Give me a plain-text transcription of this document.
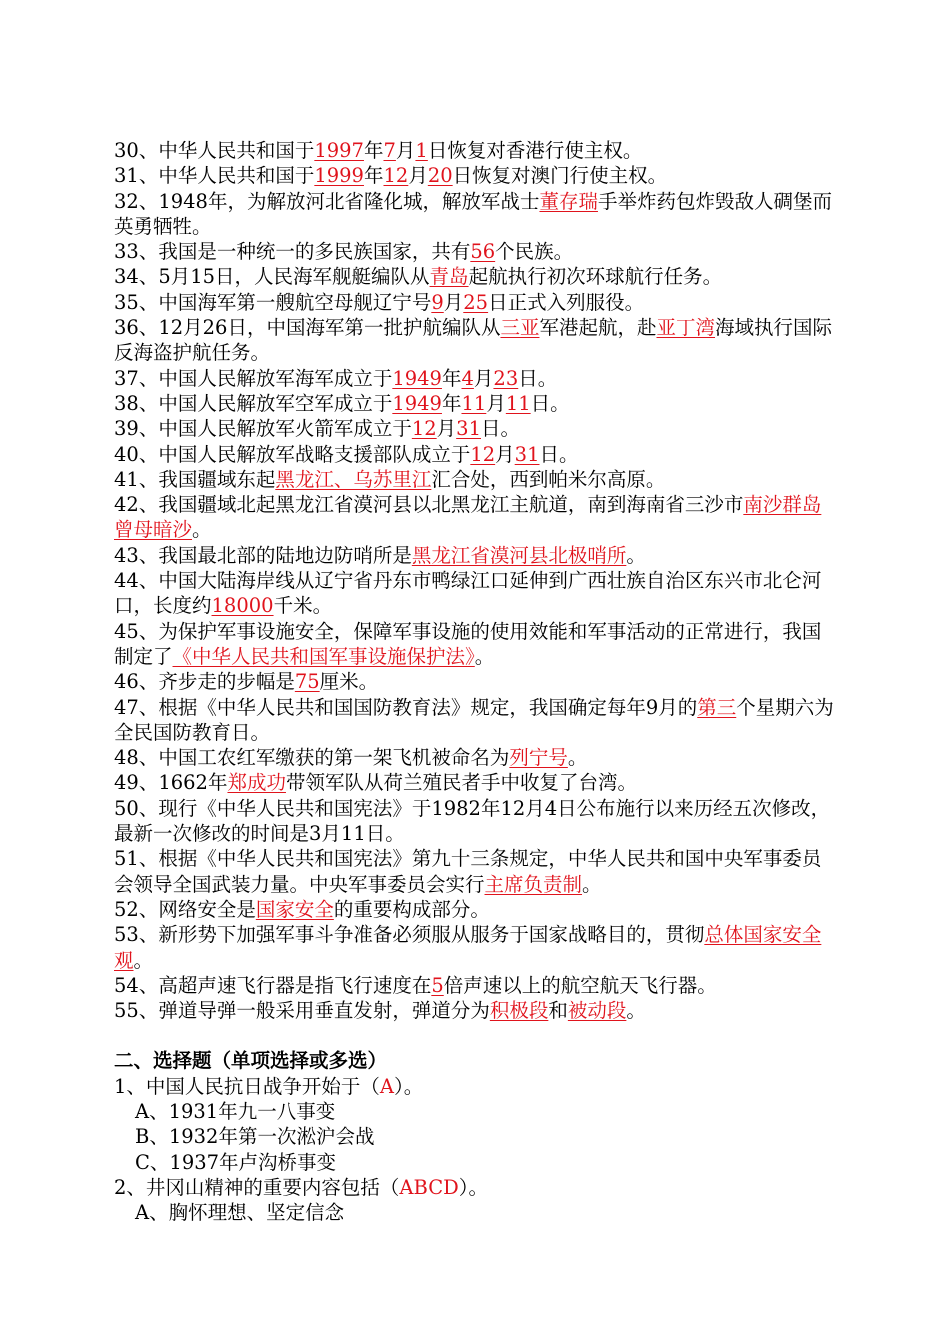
30、中华人民共和国于1997年7月1日恢复对香港行使主权。
31、中华人民共和国于1999年12月20日恢复对澳门行使主权。
32、1948年，为解放河北省隆化城，解放军战士董存瑞手举炸药包炸毁敌人碉堡而英勇牺牲。
33、我国是一种统一的多民族国家，共有56个民族。
34、5月15日，人民海军舰艇编队从青岛起航执行初次环球航行任务。
35、中国海军第一艘航空母舰辽宁号9月25日正式入列服役。
36、12月26日，中国海军第一批护航编队从三亚军港起航，赴亚丁湾海域执行国际反海盗护航任务。
37、中国人民解放军海军成立于1949年4月23日。
38、中国人民解放军空军成立于1949年11月11日。
39、中国人民解放军火箭军成立于12月31日。
40、中国人民解放军战略支援部队成立于12月31日。
41、我国疆域东起黑龙江、乌苏里江汇合处，西到帕米尔高原。
42、我国疆域北起黑龙江省漠河县以北黑龙江主航道，南到海南省三沙市南沙群岛曾母暗沙。
43、我国最北部的陆地边防哨所是黑龙江省漠河县北极哨所。
44、中国大陆海岸线从辽宁省丹东市鸭绿江口延伸到广西壮族自治区东兴市北仑河口，长度约18000千米。
45、为保护军事设施安全，保障军事设施的使用效能和军事活动的正常进行，我国制定了《中华人民共和国军事设施保护法》。
46、齐步走的步幅是75厘米。
47、根据《中华人民共和国国防教育法》规定，我国确定每年9月的第三个星期六为全民国防教育日。
48、中国工农红军缴获的第一架飞机被命名为列宁号。
49、1662年郑成功带领军队从荷兰殖民者手中收复了台湾。
50、现行《中华人民共和国宪法》于1982年12月4日公布施行以来历经五次修改，最新一次修改的时间是3月11日。
51、根据《中华人民共和国宪法》第九十三条规定，中华人民共和国中央军事委员会领导全国武装力量。中央军事委员会实行主席负责制。
52、网络安全是国家安全的重要构成部分。
53、新形势下加强军事斗争准备必须服从服务于国家战略目的，贯彻总体国家安全观。
54、高超声速飞行器是指飞行速度在5倍声速以上的航空航天飞行器。
55、弹道导弹一般采用垂直发射，弹道分为积极段和被动段。
二、选择题（单项选择或多选）
1、中国人民抗日战争开始于（A）。
A、1931年九一八事变
B、1932年第一次淞沪会战
C、1937年卢沟桥事变
2、井冈山精神的重要内容包括（ABCD）。
A、胸怀理想、坚定信念
